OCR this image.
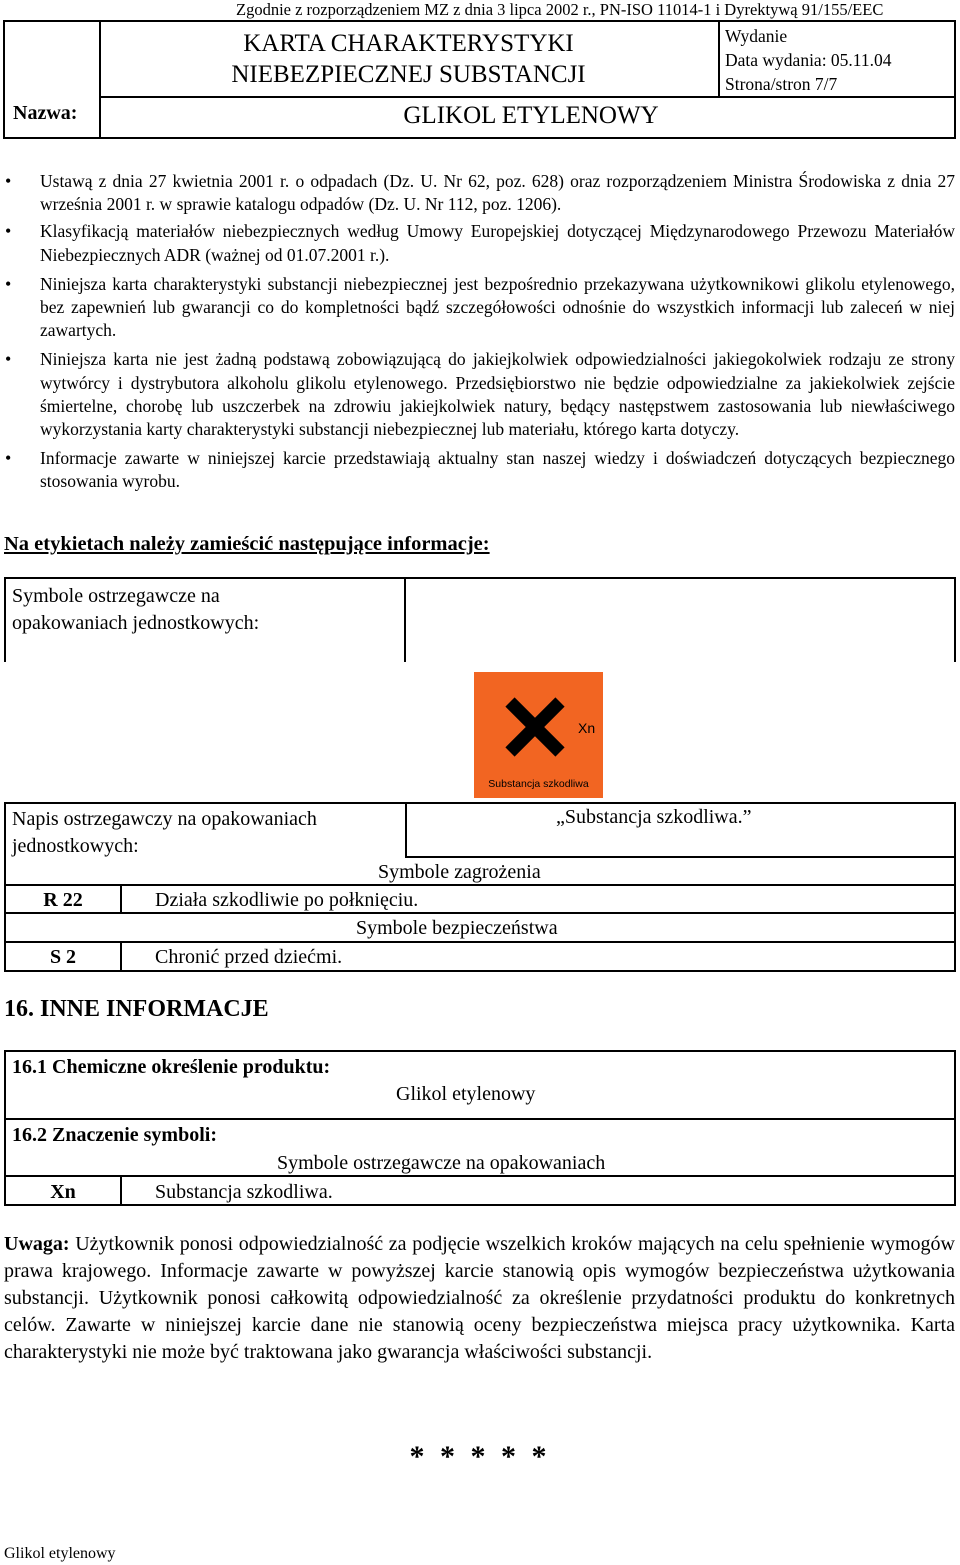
Zgodnie z rozporządzeniem MZ z dnia 3 lipca 2002 r., PN-ISO 11014-1 i Dyrektywą 91/155/EEC
KARTA CHARAKTERYSTYKI
NIEBEZPIECZNEJ SUBSTANCJI
Wydanie
Data wydania: 05.11.04
Strona/stron 7/7
Nazwa:	GLIKOL ETYLENOWY
• Ustawą z dnia 27 kwietnia 2001 r. o odpadach (Dz. U. Nr 62, poz. 628) oraz rozporządzeniem Ministra Środowiska z dnia 27 września 2001 r. w sprawie katalogu odpadów (Dz. U. Nr 112, poz. 1206).
• Klasyfikacją materiałów niebezpiecznych według Umowy Europejskiej dotyczącej Międzynarodowego Przewozu Materiałów Niebezpiecznych ADR (ważnej od 01.07.2001 r.).
• Niniejsza karta charakterystyki substancji niebezpiecznej jest bezpośrednio przekazywana użytkownikowi glikolu etylenowego, bez zapewnień lub gwarancji co do kompletności bądź szczegółowości odnośnie do wszystkich informacji lub zaleceń w niej zawartych.
• Niniejsza karta nie jest żadną podstawą zobowiązującą do jakiejkolwiek odpowiedzialności jakiegokolwiek rodzaju ze strony wytwórcy i dystrybutora alkoholu glikolu etylenowego. Przedsiębiorstwo nie będzie odpowiedzialne za jakiekolwiek zejście śmiertelne, chorobę lub uszczerbek na zdrowiu jakiejkolwiek natury, będący następstwem zastosowania lub niewłaściwego wykorzystania karty charakterystyki substancji niebezpiecznej lub materiału, którego karta dotyczy.
• Informacje zawarte w niniejszej karcie przedstawiają aktualny stan naszej wiedzy i doświadczeń dotyczących bezpiecznego stosowania wyrobu.
Na etykietach należy zamieścić następujące informacje:
Symbole ostrzegawcze na
opakowaniach jednostkowych:
Xn
Substancja szkodliwa
Napis ostrzegawczy na opakowaniach
jednostkowych:
„Substancja szkodliwa.”
Symbole zagrożenia
R 22	Działa szkodliwie po połknięciu.
Symbole bezpieczeństwa
S 2	Chronić przed dziećmi.
16. INNE INFORMACJE
16.1 Chemiczne określenie produktu:
Glikol etylenowy
16.2 Znaczenie symboli:
Symbole ostrzegawcze na opakowaniach
Xn	Substancja szkodliwa.
Uwaga: Użytkownik ponosi odpowiedzialność za podjęcie wszelkich kroków mających na celu spełnienie wymogów prawa krajowego. Informacje zawarte w powyższej karcie stanowią opis wymogów bezpieczeństwa użytkowania substancji. Użytkownik ponosi całkowitą odpowiedzialność za określenie przydatności produktu do konkretnych celów. Zawarte w niniejszej karcie dane nie stanowią oceny bezpieczeństwa miejsca pracy użytkownika. Karta charakterystyki nie może być traktowana jako gwarancja właściwości substancji.
* * * * *
Glikol etylenowy
